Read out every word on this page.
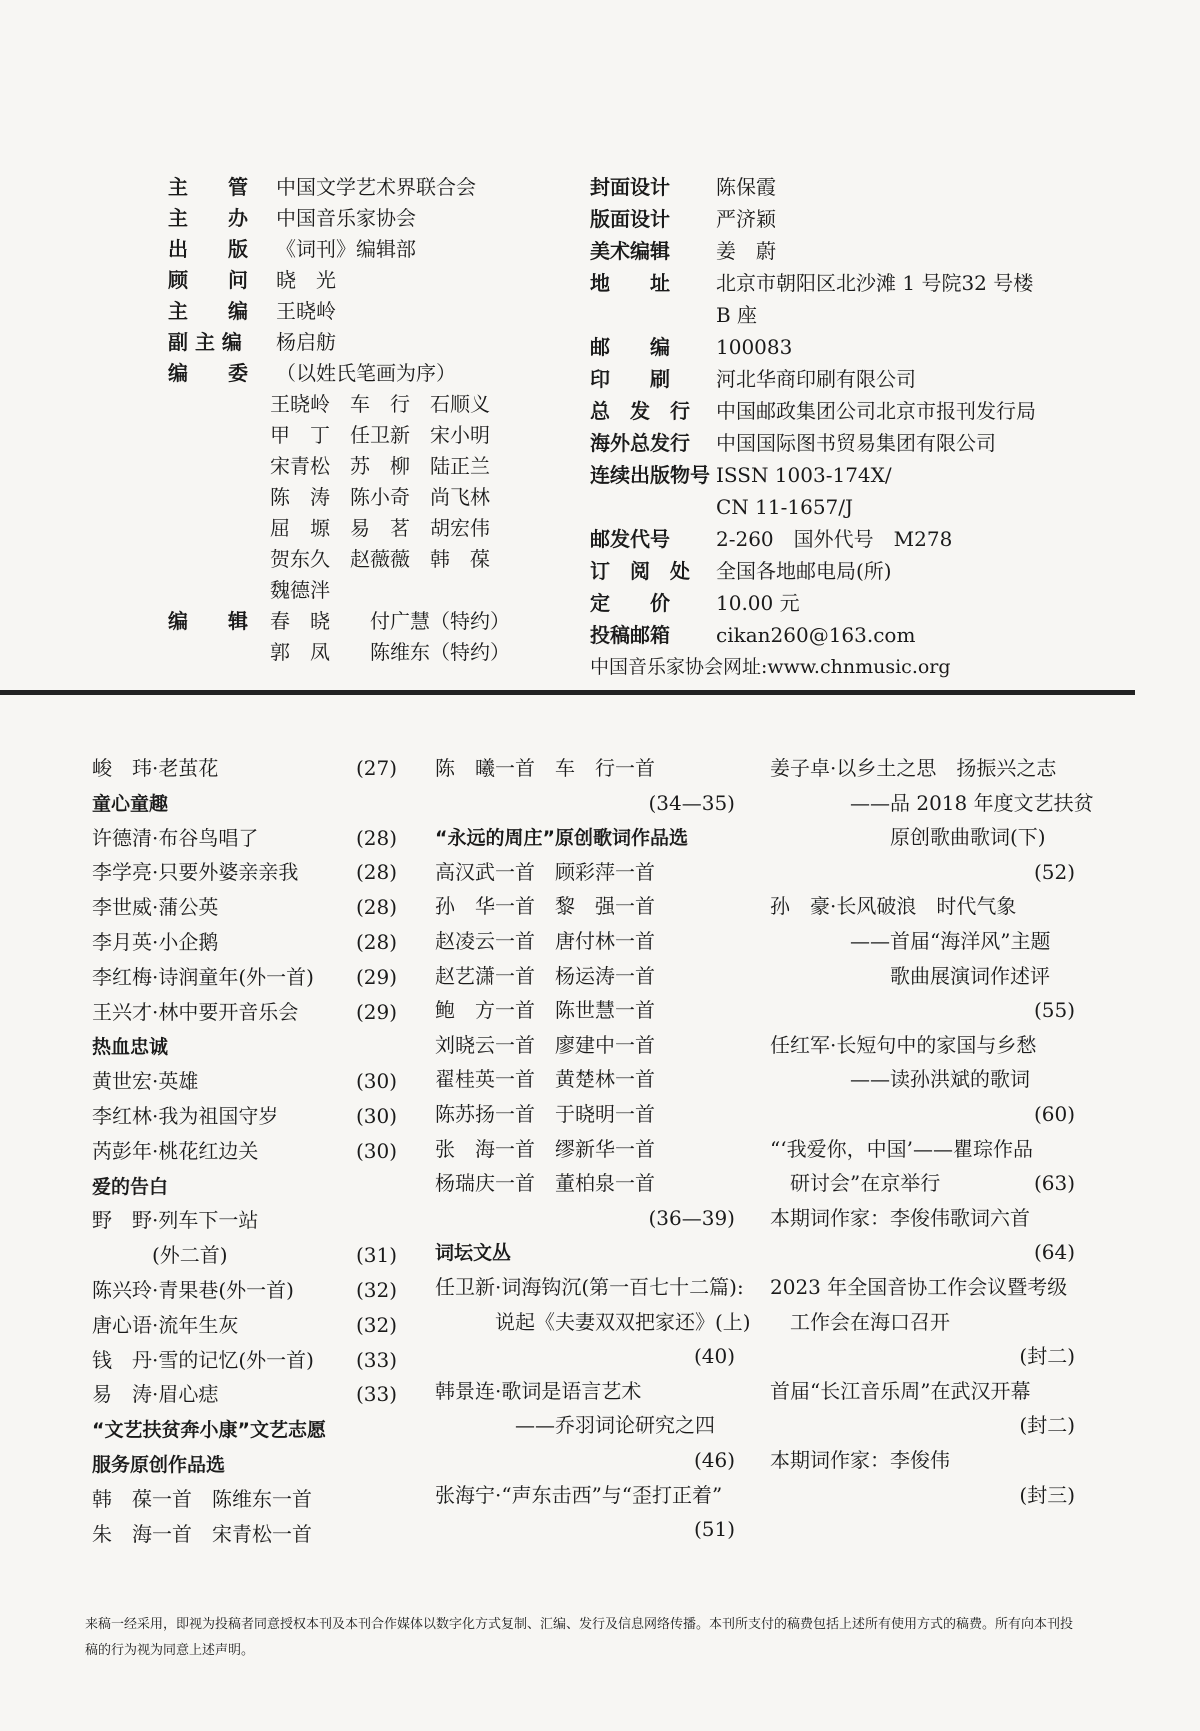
主　　管 中国文学艺术界联合会
主　　办 中国音乐家协会
出　　版 《词刊》编辑部
顾　　问 晓　光
主　　编 王晓岭
副 主 编 杨启舫
编　　委 （以姓氏笔画为序）
王晓岭　车　行　石顺义
甲　丁　任卫新　宋小明
宋青松　苏　柳　陆正兰
陈　涛　陈小奇　尚飞林
屈　塬　易　茗　胡宏伟
贺东久　赵薇薇　韩　葆
魏德泮
编　　辑 春　晓　　付广慧（特约）
郭　凤　　陈维东（特约）
封面设计 陈保霞
版面设计 严济颖
美术编辑 姜　蔚
地　　址 北京市朝阳区北沙滩 1 号院32 号楼
B 座
邮　　编 100083
印　　刷 河北华商印刷有限公司
总　发　行 中国邮政集团公司北京市报刊发行局
海外总发行 中国国际图书贸易集团有限公司
连续出版物号 ISSN 1003-174X/
CN 11-1657/J
邮发代号 2-260　国外代号　M278
订　阅　处 全国各地邮电局(所)
定　　价 10.00 元
投稿邮箱 cikan260@163.com
中国音乐家协会网址:www.chnmusic.org
峻　玮·老茧花	(27)
童心童趣
许德清·布谷鸟唱了	(28)
李学亮·只要外婆亲亲我	(28)
李世威·蒲公英	(28)
李月英·小企鹅	(28)
李红梅·诗润童年(外一首) (29)
王兴才·林中要开音乐会	(29)
热血忠诚
黄世宏·英雄	(30)
李红林·我为祖国守岁	(30)
芮彭年·桃花红边关	(30)
爱的告白
野　野·列车下一站
　　　(外二首)	(31)
陈兴玲·青果巷(外一首)	(32)
唐心语·流年生灰	(32)
钱　丹·雪的记忆(外一首) (33)
易　涛·眉心痣	(33)
“文艺扶贫奔小康”文艺志愿
服务原创作品选
韩　葆一首　陈维东一首
朱　海一首　宋青松一首
陈　曦一首　车　行一首
(34—35)
“永远的周庄”原创歌词作品选
高汉武一首　顾彩萍一首
孙　华一首　黎　强一首
赵凌云一首　唐付林一首
赵艺潇一首　杨运涛一首
鲍　方一首　陈世慧一首
刘晓云一首　廖建中一首
翟桂英一首　黄楚林一首
陈苏扬一首　于晓明一首
张　海一首　缪新华一首
杨瑞庆一首　董柏泉一首
(36—39)
词坛文丛
任卫新·词海钩沉(第一百七十二篇):
　　　说起《夫妻双双把家还》(上)
(40)
韩景连·歌词是语言艺术
　　　　——乔羽词论研究之四
(46)
张海宁·“声东击西”与“歪打正着”
(51)
姜子卓·以乡土之思　扬振兴之志
　　　　——品 2018 年度文艺扶贫
　　　　　　原创歌曲歌词(下)
(52)
孙　豪·长风破浪　时代气象
　　　　——首届“海洋风”主题
　　　　　　歌曲展演词作述评
(55)
任红军·长短句中的家国与乡愁
　　　　——读孙洪斌的歌词
(60)
“‘我爱你，中国’——瞿琮作品
　研讨会”在京举行	(63)
本期词作家：李俊伟歌词六首
(64)
2023 年全国音协工作会议暨考级
　工作会在海口召开
(封二)
首届“长江音乐周”在武汉开幕
(封二)
本期词作家：李俊伟
(封三)
来稿一经采用，即视为投稿者同意授权本刊及本刊合作媒体以数字化方式复制、汇编、发行及信息网络传播。本刊所支付的稿费包括上述所有使用方式的稿费。所有向本刊投稿的行为视为同意上述声明。
